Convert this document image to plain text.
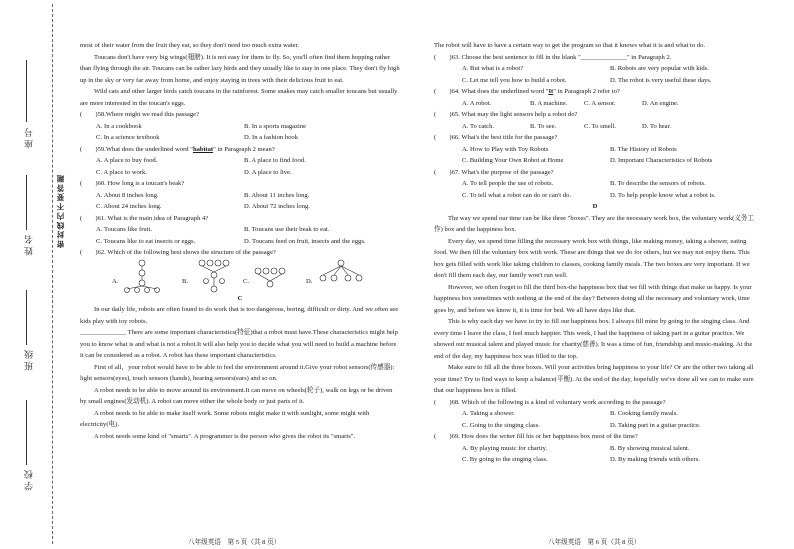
学 校
班 级
姓 名
座 号
密 封 线 内 不 要 答 题

most of their water from the fruit they eat, so they don't need too much extra water.

Toucans don't have very big wings(翅膀). It is not easy for them to fly. So, you'll often find them hopping rather than flying through the air. Toucans can be rather lazy birds and they usually like to stay in one place. They don't fly high up in the sky or very far away from home, and enjoy staying in trees with their delicious fruit to eat.

Wild cats and other larger birds catch toucans in the rainforest. Some snakes may catch smaller toucans but usually are more interested in the toucan's eggs.

(　　)58.Where might we read this passage?

A. In a cookbook	B. In a sports magazine
C. In a science textbook	D. In a fashion book

(　　)59.What does the underlined word "habitat" in Paragraph 2 mean?

A. A place to buy food.	B. A place to find food.
C. A place to work.	D. A place to live.

(　　)60. How long is a toucan's beak?

A. About 8 inches long.	B. About 11 inches long.
C. About 24 inches long.	D. About 72 inches long.

(　　)61. What is the main idea of Paragraph 4?

A. Toucans like fruit.	B. Toucans use their beak to eat.
C. Toucans like to eat insects or eggs.	D. Toucans feed on fruit, insects and the eggs.

(　　)62. Which of the following best shows the structure of the passage?

A.	B.	C.	D.

C

In our daily life, robots are often found to do work that is too dangerous, boring, difficult or dirty. And we often see kids play with toy robots.

______________ There are some important characteristics(特征)that a robot must have.These characteristics might help you to know what is and what is not a robot.It will also help you to decide what you will need to build a machine before it can be considered as a robot. A robot has these important characteristics.

First of all，your robot would have to be able to feel the environment around it.Give your robot sensors(传感器): light sensors(eyes), touch sensors (hands), hearing sensors(ears) and so on.

A robot needs to be able to move around its environment.It can move on wheels(轮子), walk on legs or be driven by small engines(发动机). A robot can move either the whole body or just parts of it.

A robot needs to be able to make itself work. Some robots might make it with sunlight, some might with electricity(电).

A robot needs some kind of "smarts". A programmer is the person who gives the robot its "smarts".

八年级英语　第 5 页（共 8 页）

The robot will have to have a certain way to get the program so that it knows what it is and what to do.

(　　)63. Choose the best sentence to fill in the blank "______________" in Paragraph 2.

A. But what is a robot?	B. Robots are very popular with kids.
C. Let me tell you how to build a robot.	D. The robot is very useful these days.

(　　)64. What does the underlined word "It" in Paragraph 2 refer to?

A. A robot.	B. A machine.	C. A sensor.	D. An engine.

(　　)65. What may the light sensors help a robot do?

A. To catch.	B. To see.	C. To smell.	D. To hear.

(　　)66. What's the best title for the passage?

A. How to Play with Toy Robots	B. The History of Robots
C. Building Your Own Robot at Home	D. Important Characteristics of Robots

(　　)67. What's the purpose of the passage?

A. To tell people the use of robots.	B. To describe the sensors of robots.
C. To tell what a robot can do or can't do.	D. To help people know what a robot is.

D

The way we spend our time can be like three "boxes". They are the necessary work box, the voluntary work(义务工作) box and the happiness box.

Every day, we spend time filling the necessary work box with things, like making money, taking a shower, eating food. We then fill the voluntary box with work. These are things that we do for others, but we may not enjoy them. This box gets filled with work like taking children to classes, cooking family meals. The two boxes are very important. If we don't fill them each day, our family won't run well.

However, we often forget to fill the third box-the happiness box that we fill with things that make us happy. Is your happiness box sometimes with nothing at the end of the day? Between doing all the necessary and voluntary work, time goes by, and before we know it, it is time for bed. We all have days like that.

This is why each day we have to try to fill our happiness box. I always fill mine by going to the singing class. And every time I leave the class, I feel much happier. This week, I had the happiness of taking part in a guitar practice. We showed our musical talent and played music for charity(慈善). It was a time of fun, friendship and music-making. At the end of the day, my happiness box was filled to the top.

Make sure to fill all the three boxes. Will your activities bring happiness to your life? Or are the other two taking all your time? Try to find ways to keep a balance(平衡). At the end of the day, hopefully we've done all we can to make sure that our happiness box is filled.

(　　)68. Which of the following is a kind of voluntary work according to the passage?

A. Taking a shower.	B. Cooking family meals.
C. Going to the singing class.	D. Taking part in a guitar practice.

(　　)69. How does the writer fill his or her happiness box most of the time?

A. By playing music for charity.	B. By showing musical talent.
C. By going to the singing class.	D. By making friends with others.
八年级英语　第 6 页（共 8 页）
